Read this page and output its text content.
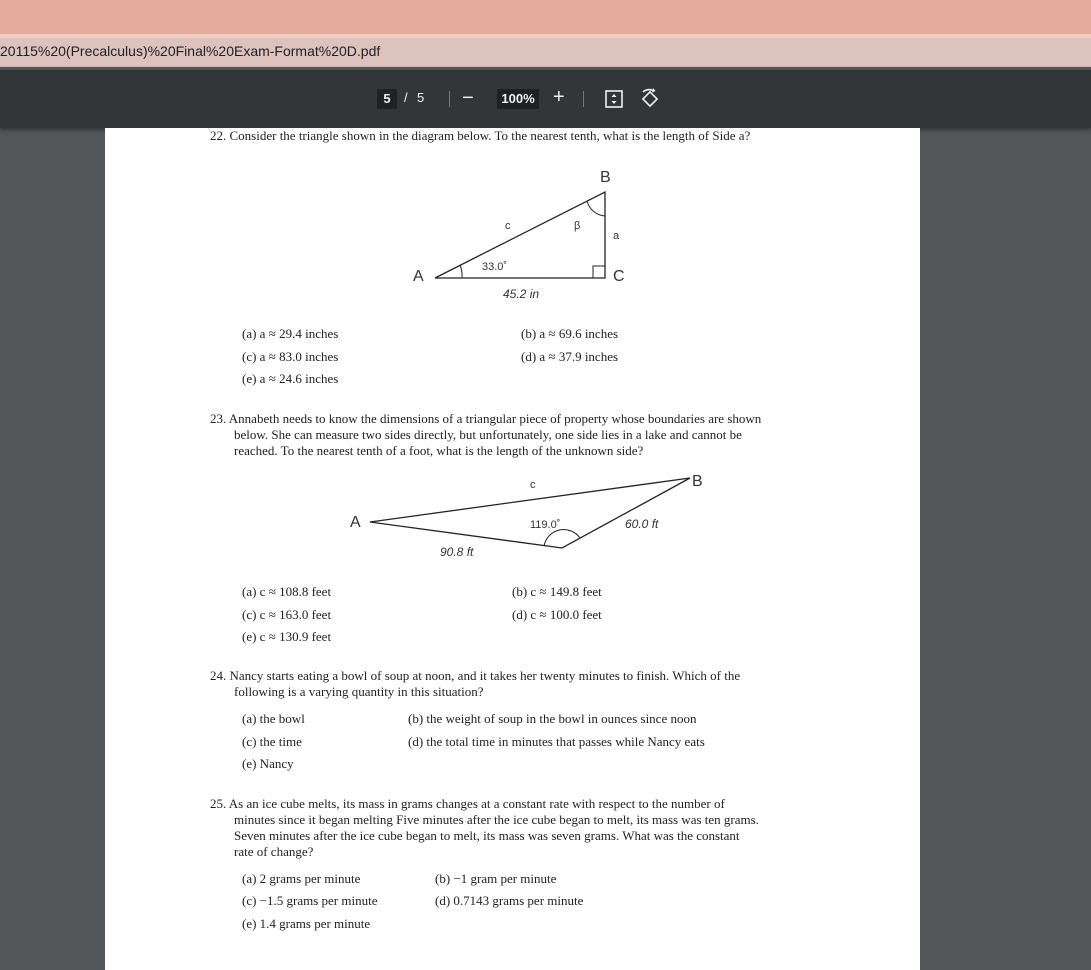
20115%20(Precalculus)%20Final%20Exam-Format%20D.pdf
5	/ 5 −	100% +
22. Consider the triangle shown in the diagram below. To the nearest tenth, what is the length of Side a?
A
B
C
c
a
β
33.0˚
45.2 in
(a) a ≈ 29.4 inches	(b) a ≈ 69.6 inches
(c) a ≈ 83.0 inches	(d) a ≈ 37.9 inches
(e) a ≈ 24.6 inches
23. Annabeth needs to know the dimensions of a triangular piece of property whose boundaries are shown
below. She can measure two sides directly, but unfortunately, one side lies in a lake and cannot be
reached. To the nearest tenth of a foot, what is the length of the unknown side?
A
B
c
119.0˚	60.0 ft
90.8 ft
(a) c ≈ 108.8 feet	(b) c ≈ 149.8 feet
(c) c ≈ 163.0 feet	(d) c ≈ 100.0 feet
(e) c ≈ 130.9 feet
24. Nancy starts eating a bowl of soup at noon, and it takes her twenty minutes to finish. Which of the
following is a varying quantity in this situation?
(a) the bowl	(b) the weight of soup in the bowl in ounces since noon
(c) the time	(d) the total time in minutes that passes while Nancy eats
(e) Nancy
25. As an ice cube melts, its mass in grams changes at a constant rate with respect to the number of
minutes since it began melting Five minutes after the ice cube began to melt, its mass was ten grams.
Seven minutes after the ice cube began to melt, its mass was seven grams. What was the constant
rate of change?
(a) 2 grams per minute	(b) −1 gram per minute
(c) −1.5 grams per minute	(d) 0.7143 grams per minute
(e) 1.4 grams per minute
